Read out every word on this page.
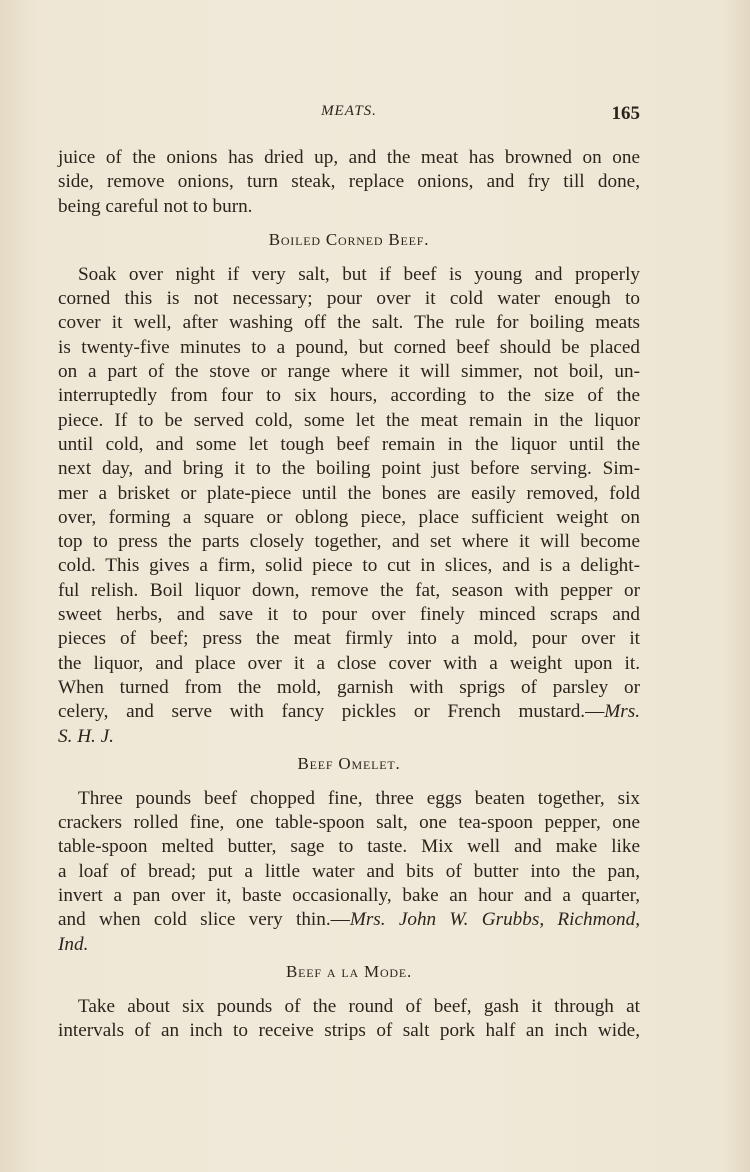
MEATS.	165
juice of the onions has dried up, and the meat has browned on one
side, remove onions, turn steak, replace onions, and fry till done,
being careful not to burn.
Boiled Corned Beef.
Soak over night if very salt, but if beef is young and properly
corned this is not necessary; pour over it cold water enough to
cover it well, after washing off the salt. The rule for boiling meats
is twenty-five minutes to a pound, but corned beef should be placed
on a part of the stove or range where it will simmer, not boil, un-
interruptedly from four to six hours, according to the size of the
piece. If to be served cold, some let the meat remain in the liquor
until cold, and some let tough beef remain in the liquor until the
next day, and bring it to the boiling point just before serving. Sim-
mer a brisket or plate-piece until the bones are easily removed, fold
over, forming a square or oblong piece, place sufficient weight on
top to press the parts closely together, and set where it will become
cold. This gives a firm, solid piece to cut in slices, and is a delight-
ful relish. Boil liquor down, remove the fat, season with pepper or
sweet herbs, and save it to pour over finely minced scraps and
pieces of beef; press the meat firmly into a mold, pour over it
the liquor, and place over it a close cover with a weight upon it.
When turned from the mold, garnish with sprigs of parsley or
celery, and serve with fancy pickles or French mustard.—Mrs.
S. H. J.
Beef Omelet.
Three pounds beef chopped fine, three eggs beaten together, six
crackers rolled fine, one table-spoon salt, one tea-spoon pepper, one
table-spoon melted butter, sage to taste. Mix well and make like
a loaf of bread; put a little water and bits of butter into the pan,
invert a pan over it, baste occasionally, bake an hour and a quarter,
and when cold slice very thin.—Mrs. John W. Grubbs, Richmond,
Ind.
Beef a la Mode.
Take about six pounds of the round of beef, gash it through at
intervals of an inch to receive strips of salt pork half an inch wide,
